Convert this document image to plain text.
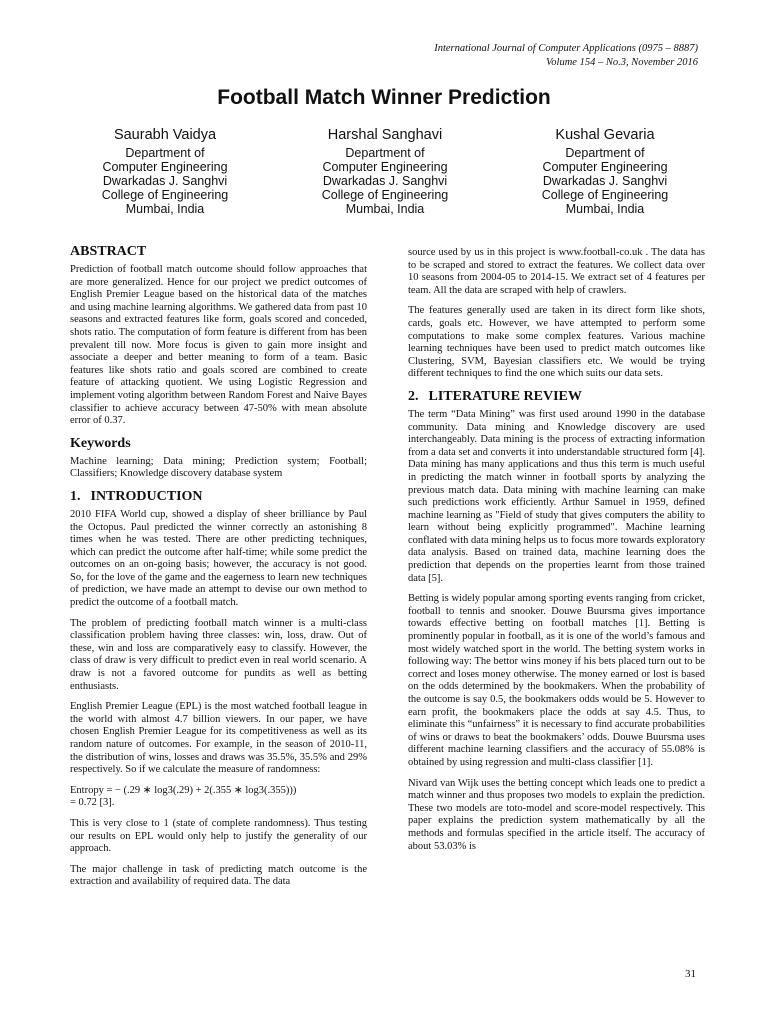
International Journal of Computer Applications (0975 – 8887)
Volume 154 – No.3, November 2016
Football Match Winner Prediction
Saurabh Vaidya
Department of
Computer Engineering
Dwarkadas J. Sanghvi
College of Engineering
Mumbai, India
Harshal Sanghavi
Department of
Computer Engineering
Dwarkadas J. Sanghvi
College of Engineering
Mumbai, India
Kushal Gevaria
Department of
Computer Engineering
Dwarkadas J. Sanghvi
College of Engineering
Mumbai, India
ABSTRACT

Prediction of football match outcome should follow approaches that are more generalized. Hence for our project we predict outcomes of English Premier League based on the historical data of the matches and using machine learning algorithms. We gathered data from past 10 seasons and extracted features like form, goals scored and conceded, shots ratio. The computation of form feature is different from has been prevalent till now. More focus is given to gain more insight and associate a deeper and better meaning to form of a team. Basic features like shots ratio and goals scored are combined to create feature of attacking quotient. We using Logistic Regression and implement voting algorithm between Random Forest and Naive Bayes classifier to achieve accuracy between 47-50% with mean absolute error of 0.37.

Keywords

Machine learning; Data mining; Prediction system; Football; Classifiers; Knowledge discovery database system

1. INTRODUCTION

2010 FIFA World cup, showed a display of sheer brilliance by Paul the Octopus. Paul predicted the winner correctly an astonishing 8 times when he was tested. There are other predicting techniques, which can predict the outcome after half-time; while some predict the outcomes on an on-going basis; however, the accuracy is not good. So, for the love of the game and the eagerness to learn new techniques of prediction, we have made an attempt to devise our own method to predict the outcome of a football match.

The problem of predicting football match winner is a multi-class classification problem having three classes: win, loss, draw. Out of these, win and loss are comparatively easy to classify. However, the class of draw is very difficult to predict even in real world scenario. A draw is not a favored outcome for pundits as well as betting enthusiasts.

English Premier League (EPL) is the most watched football league in the world with almost 4.7 billion viewers. In our paper, we have chosen English Premier League for its competitiveness as well as its random nature of outcomes. For example, in the season of 2010-11, the distribution of wins, losses and draws was 35.5%, 35.5% and 29% respectively. So if we calculate the measure of randomness:

Entropy = − (.29 ∗ log3(.29) + 2(.355 ∗ log3(.355)))

= 0.72 [3].

This is very close to 1 (state of complete randomness). Thus testing our results on EPL would only help to justify the generality of our approach.

The major challenge in task of predicting match outcome is the extraction and availability of required data. The data

source used by us in this project is www.football-co.uk . The data has to be scraped and stored to extract the features. We collect data over 10 seasons from 2004-05 to 2014-15. We extract set of 4 features per team. All the data are scraped with help of crawlers.

The features generally used are taken in its direct form like shots, cards, goals etc. However, we have attempted to perform some computations to make some complex features. Various machine learning techniques have been used to predict match outcomes like Clustering, SVM, Bayesian classifiers etc. We would be trying different techniques to find the one which suits our data sets.

2. LITERATURE REVIEW

The term “Data Mining” was first used around 1990 in the database community. Data mining and Knowledge discovery are used interchangeably. Data mining is the process of extracting information from a data set and converts it into understandable structured form [4]. Data mining has many applications and thus this term is much useful in predicting the match winner in football sports by analyzing the previous match data. Data mining with machine learning can make such predictions work efficiently. Arthur Samuel in 1959, defined machine learning as "Field of study that gives computers the ability to learn without being explicitly programmed". Machine learning conflated with data mining helps us to focus more towards exploratory data analysis. Based on trained data, machine learning does the prediction that depends on the properties learnt from those trained data [5].

Betting is widely popular among sporting events ranging from cricket, football to tennis and snooker. Douwe Buursma gives importance towards effective betting on football matches [1]. Betting is prominently popular in football, as it is one of the world’s famous and most widely watched sport in the world. The betting system works in following way: The bettor wins money if his bets placed turn out to be correct and loses money otherwise. The money earned or lost is based on the odds determined by the bookmakers. When the probability of the outcome is say 0.5, the bookmakers odds would be 5. However to earn profit, the bookmakers place the odds at say 4.5. Thus, to eliminate this “unfairness” it is necessary to find accurate probabilities of wins or draws to beat the bookmakers’ odds. Douwe Buursma uses different machine learning classifiers and the accuracy of 55.08% is obtained by using regression and multi-class classifier [1].

Nivard van Wijk uses the betting concept which leads one to predict a match winner and thus proposes two models to explain the prediction. These two models are toto-model and score-model respectively. This paper explains the prediction system mathematically by all the methods and formulas specified in the article itself. The accuracy of about 53.03% is

31
